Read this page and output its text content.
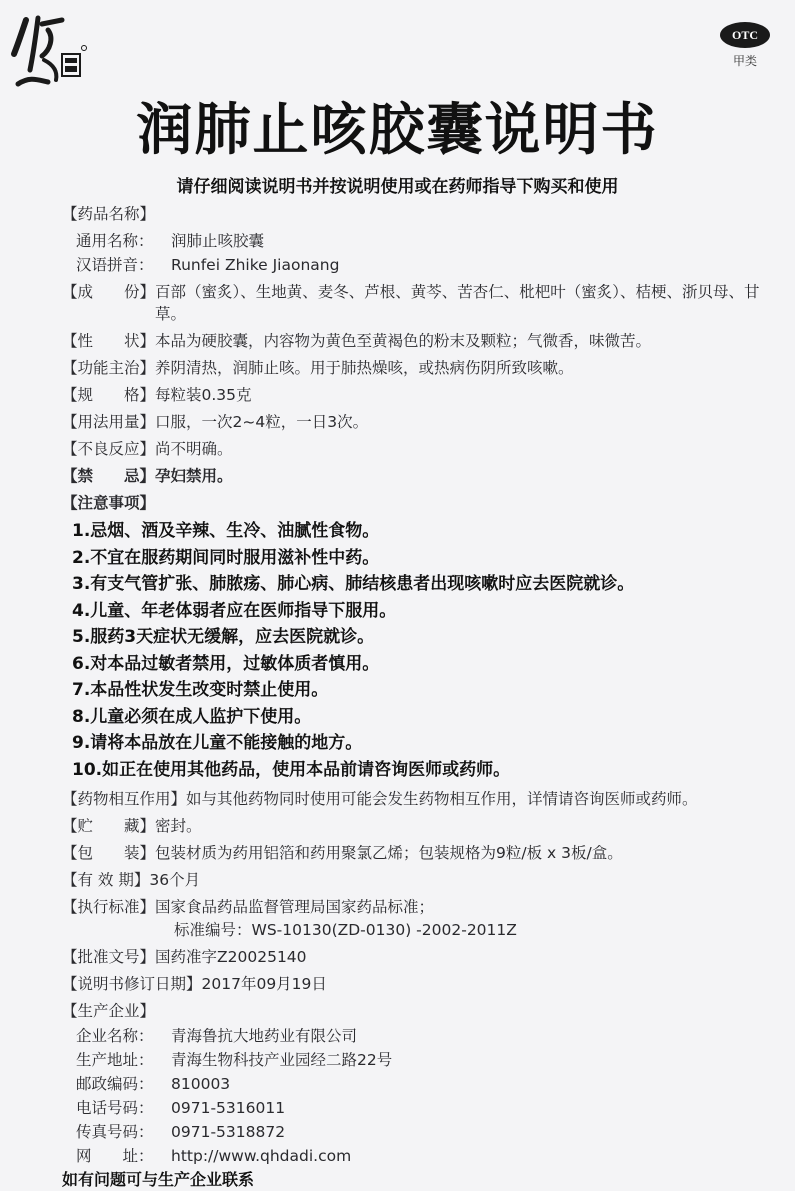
OTC
甲类
润肺止咳胶囊说明书
请仔细阅读说明书并按说明使用或在药师指导下购买和使用
【药品名称】
通用名称：	润肺止咳胶囊
汉语拼音：	Runfei Zhike Jiaonang
【成　　份】 百部（蜜炙）、生地黄、麦冬、芦根、黄芩、苦杏仁、枇杷叶（蜜炙）、桔梗、浙贝母、甘草。
【性　　状】 本品为硬胶囊，内容物为黄色至黄褐色的粉末及颗粒；气微香，味微苦。
【功能主治】 养阴清热，润肺止咳。用于肺热燥咳，或热病伤阴所致咳嗽。
【规　　格】 每粒装0.35克
【用法用量】 口服，一次2~4粒，一日3次。
【不良反应】 尚不明确。
【禁　　忌】 孕妇禁用。
【注意事项】
1.忌烟、酒及辛辣、生冷、油腻性食物。
2.不宜在服药期间同时服用滋补性中药。
3.有支气管扩张、肺脓疡、肺心病、肺结核患者出现咳嗽时应去医院就诊。
4.儿童、年老体弱者应在医师指导下服用。
5.服药3天症状无缓解，应去医院就诊。
6.对本品过敏者禁用，过敏体质者慎用。
7.本品性状发生改变时禁止使用。
8.儿童必须在成人监护下使用。
9.请将本品放在儿童不能接触的地方。
10.如正在使用其他药品，使用本品前请咨询医师或药师。
【药物相互作用】 如与其他药物同时使用可能会发生药物相互作用，详情请咨询医师或药师。
【贮　　藏】 密封。
【包　　装】 包装材质为药用铝箔和药用聚氯乙烯；包装规格为9粒/板 x 3板/盒。
【有 效 期】 36个月
【执行标准】 国家食品药品监督管理局国家药品标准；
标准编号：WS-10130(ZD-0130) -2002-2011Z
【批准文号】 国药准字Z20025140
【说明书修订日期】 2017年09月19日
【生产企业】
企业名称：	青海鲁抗大地药业有限公司
生产地址：	青海生物科技产业园经二路22号
邮政编码：	810003
电话号码：	0971-5316011
传真号码：	0971-5318872
网　　址：	http://www.qhdadi.com
如有问题可与生产企业联系
